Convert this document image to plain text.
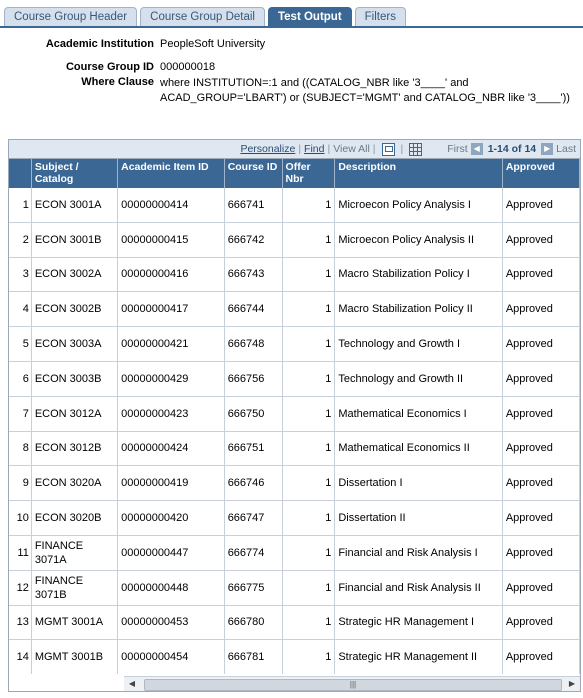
Course Group Header	Course Group Detail	Test Output	Filters
Academic Institution PeopleSoft University
Course Group ID 000000018
Where Clause where INSTITUTION=:1 and ((CATALOG_NBR like '3____' and ACAD_GROUP='LBART') or (SUBJECT='MGMT' and CATALOG_NBR like '3____'))
Personalize | Find | View All | |	First ◀ 1-14 of 14 ▶ Last
	Subject / Catalog	Academic Item ID	Course ID	Offer Nbr	Description	Approved
1	ECON 3001A	00000000414	666741	1	Microecon Policy Analysis I	Approved
2	ECON 3001B	00000000415	666742	1	Microecon Policy Analysis II	Approved
3	ECON 3002A	00000000416	666743	1	Macro Stabilization Policy I	Approved
4	ECON 3002B	00000000417	666744	1	Macro Stabilization Policy II	Approved
5	ECON 3003A	00000000421	666748	1	Technology and Growth I	Approved
6	ECON 3003B	00000000429	666756	1	Technology and Growth II	Approved
7	ECON 3012A	00000000423	666750	1	Mathematical Economics I	Approved
8	ECON 3012B	00000000424	666751	1	Mathematical Economics II	Approved
9	ECON 3020A	00000000419	666746	1	Dissertation I	Approved
10	ECON 3020B	00000000420	666747	1	Dissertation II	Approved
11	FINANCE 3071A	00000000447	666774	1	Financial and Risk Analysis I	Approved
12	FINANCE 3071B	00000000448	666775	1	Financial and Risk Analysis II	Approved
13	MGMT 3001A	00000000453	666780	1	Strategic HR Management I	Approved
14	MGMT 3001B	00000000454	666781	1	Strategic HR Management II	Approved
◀	|||	▶
